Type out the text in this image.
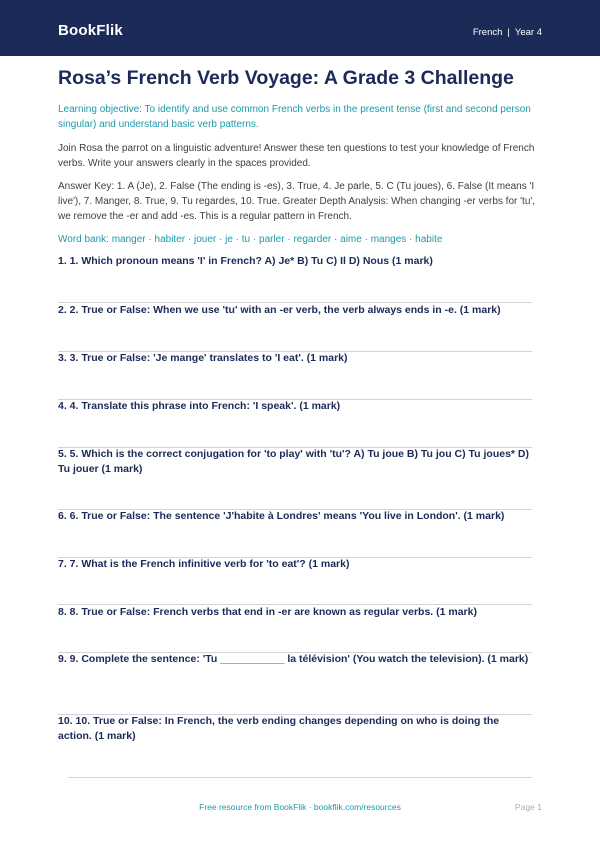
BookFlik	French | Year 4
Rosa’s French Verb Voyage: A Grade 3 Challenge

Learning objective: To identify and use common French verbs in the present tense (first and second person singular) and understand basic verb patterns.

Join Rosa the parrot on a linguistic adventure! Answer these ten questions to test your knowledge of French verbs. Write your answers clearly in the spaces provided.

Answer Key: 1. A (Je), 2. False (The ending is -es), 3. True, 4. Je parle, 5. C (Tu joues), 6. False (It means 'I live'), 7. Manger, 8. True, 9. Tu regardes, 10. True. Greater Depth Analysis: When changing -er verbs for 'tu', we remove the -er and add -es. This is a regular pattern in French.

Word bank: manger · habiter · jouer · je · tu · parler · regarder · aime · manges · habite

1. 1. Which pronoun means 'I' in French? A) Je* B) Tu C) Il D) Nous (1 mark)
2. 2. True or False: When we use 'tu' with an -er verb, the verb always ends in -e. (1 mark)
3. 3. True or False: 'Je mange' translates to 'I eat'. (1 mark)
4. 4. Translate this phrase into French: 'I speak'. (1 mark)
5. 5. Which is the correct conjugation for 'to play' with 'tu'? A) Tu joue B) Tu jou C) Tu joues* D) Tu jouer (1 mark)
6. 6. True or False: The sentence 'J'habite à Londres' means 'You live in London'. (1 mark)
7. 7. What is the French infinitive verb for 'to eat'? (1 mark)
8. 8. True or False: French verbs that end in -er are known as regular verbs. (1 mark)
9. 9. Complete the sentence: 'Tu ___________ la télévision' (You watch the television). (1 mark)
10. 10. True or False: In French, the verb ending changes depending on who is doing the action. (1 mark)
Free resource from BookFlik · bookflik.com/resources	Page 1
